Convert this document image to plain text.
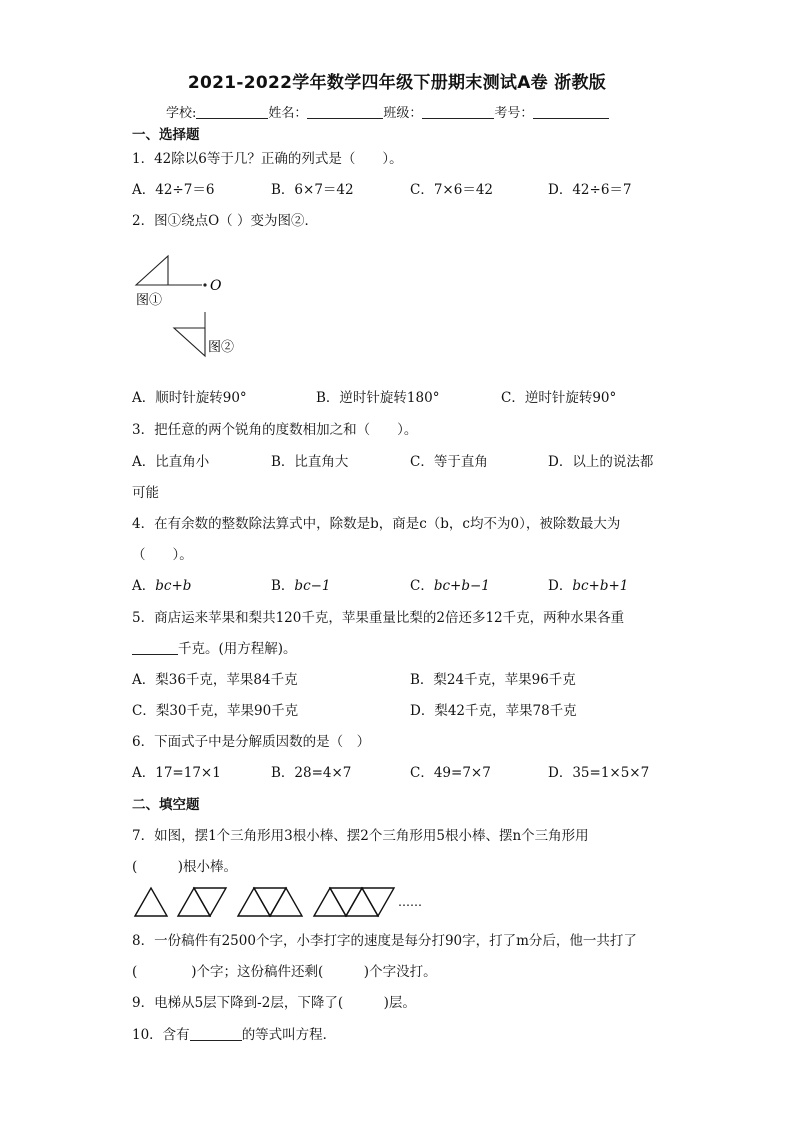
2021-2022学年数学四年级下册期末测试A卷 浙教版
学校:	姓名：	班级：	考号：
一、选择题
1．42除以6等于几？正确的列式是（　　）。
A．42÷7＝6	B．6×7＝42	C．7×6＝42	D．42÷6＝7
2．图①绕点O（ ）变为图②．
O
图①
图②
A．顺时针旋转90°	B．逆时针旋转180°	C．逆时针旋转90°
3．把任意的两个锐角的度数相加之和（　　）。
A．比直角小	B．比直角大	C．等于直角	D．以上的说法都
可能
4．在有余数的整数除法算式中，除数是b，商是c（b，c均不为0），被除数最大为
（　　）。
A．bc+b	B．bc−1	C．bc+b−1	D．bc+b+1
5．商店运来苹果和梨共120千克，苹果重量比梨的2倍还多12千克，两种水果各重
千克。(用方程解)。
A．梨36千克，苹果84千克	B．梨24千克，苹果96千克
C．梨30千克，苹果90千克	D．梨42千克，苹果78千克
6．下面式子中是分解质因数的是（　）
A．17=17×1	B．28=4×7	C．49=7×7	D．35=1×5×7
二、填空题
7．如图，摆1个三角形用3根小棒、摆2个三角形用5根小棒、摆n个三角形用
(　　　)根小棒。
……
8．一份稿件有2500个字，小李打字的速度是每分打90字，打了m分后，他一共打了
(　　　　)个字；这份稿件还剩(　　　)个字没打。
9．电梯从5层下降到-2层，下降了(　　　)层。
10．含有	的等式叫方程．
